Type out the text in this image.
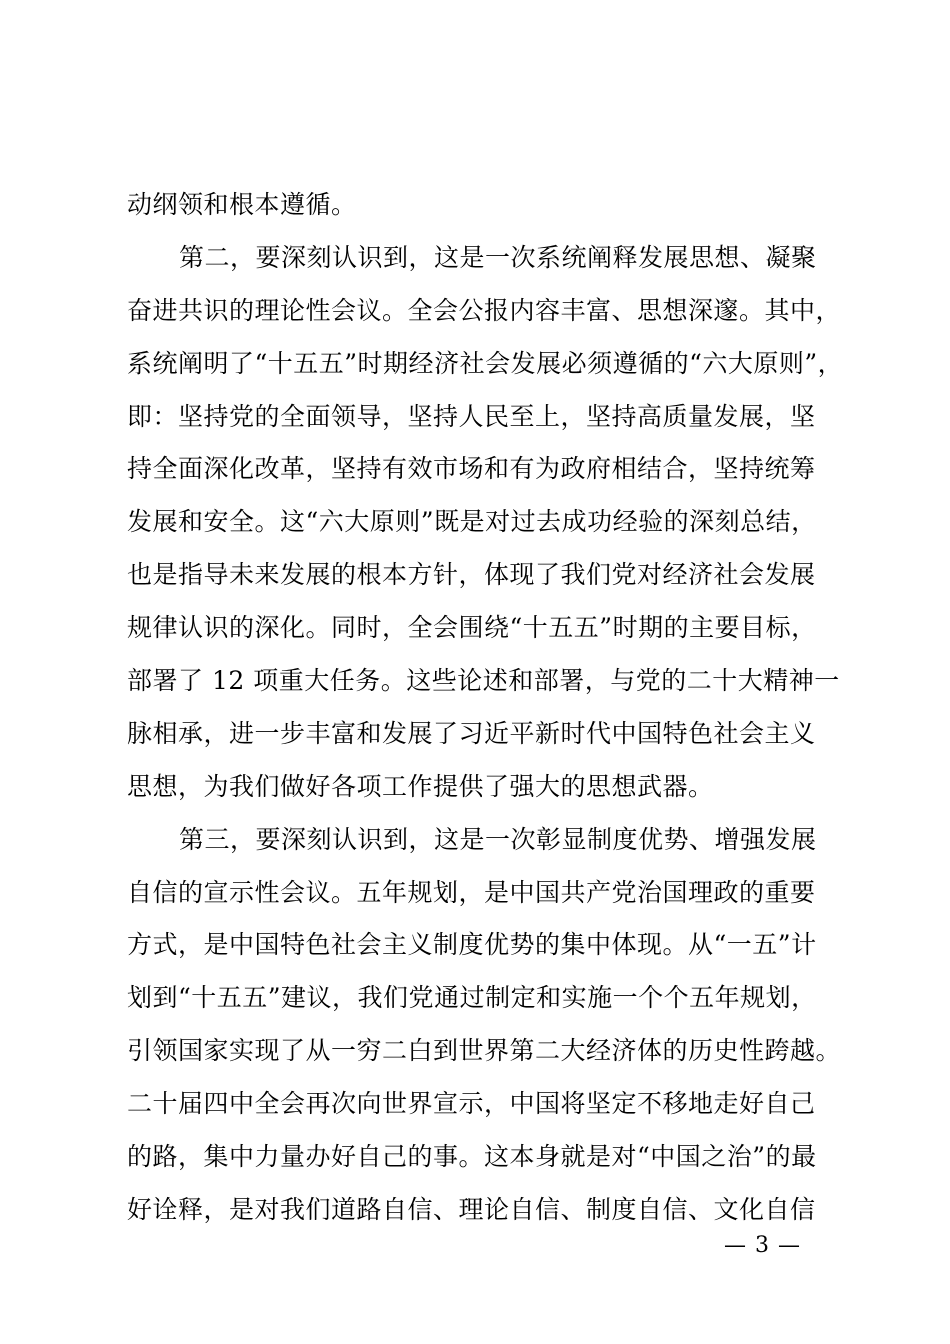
动纲领和根本遵循。
第二，要深刻认识到，这是一次系统阐释发展思想、凝聚
奋进共识的理论性会议。全会公报内容丰富、思想深邃。其中，
系统阐明了“十五五”时期经济社会发展必须遵循的“六大原则”，
即：坚持党的全面领导，坚持人民至上，坚持高质量发展，坚
持全面深化改革，坚持有效市场和有为政府相结合，坚持统筹
发展和安全。这“六大原则”既是对过去成功经验的深刻总结，
也是指导未来发展的根本方针，体现了我们党对经济社会发展
规律认识的深化。同时，全会围绕“十五五”时期的主要目标，
部署了 12 项重大任务。这些论述和部署，与党的二十大精神一
脉相承，进一步丰富和发展了习近平新时代中国特色社会主义
思想，为我们做好各项工作提供了强大的思想武器。
第三，要深刻认识到，这是一次彰显制度优势、增强发展
自信的宣示性会议。五年规划，是中国共产党治国理政的重要
方式，是中国特色社会主义制度优势的集中体现。从“一五”计
划到“十五五”建议，我们党通过制定和实施一个个五年规划，
引领国家实现了从一穷二白到世界第二大经济体的历史性跨越。
二十届四中全会再次向世界宣示，中国将坚定不移地走好自己
的路，集中力量办好自己的事。这本身就是对“中国之治”的最
好诠释，是对我们道路自信、理论自信、制度自信、文化自信
— 3 —
